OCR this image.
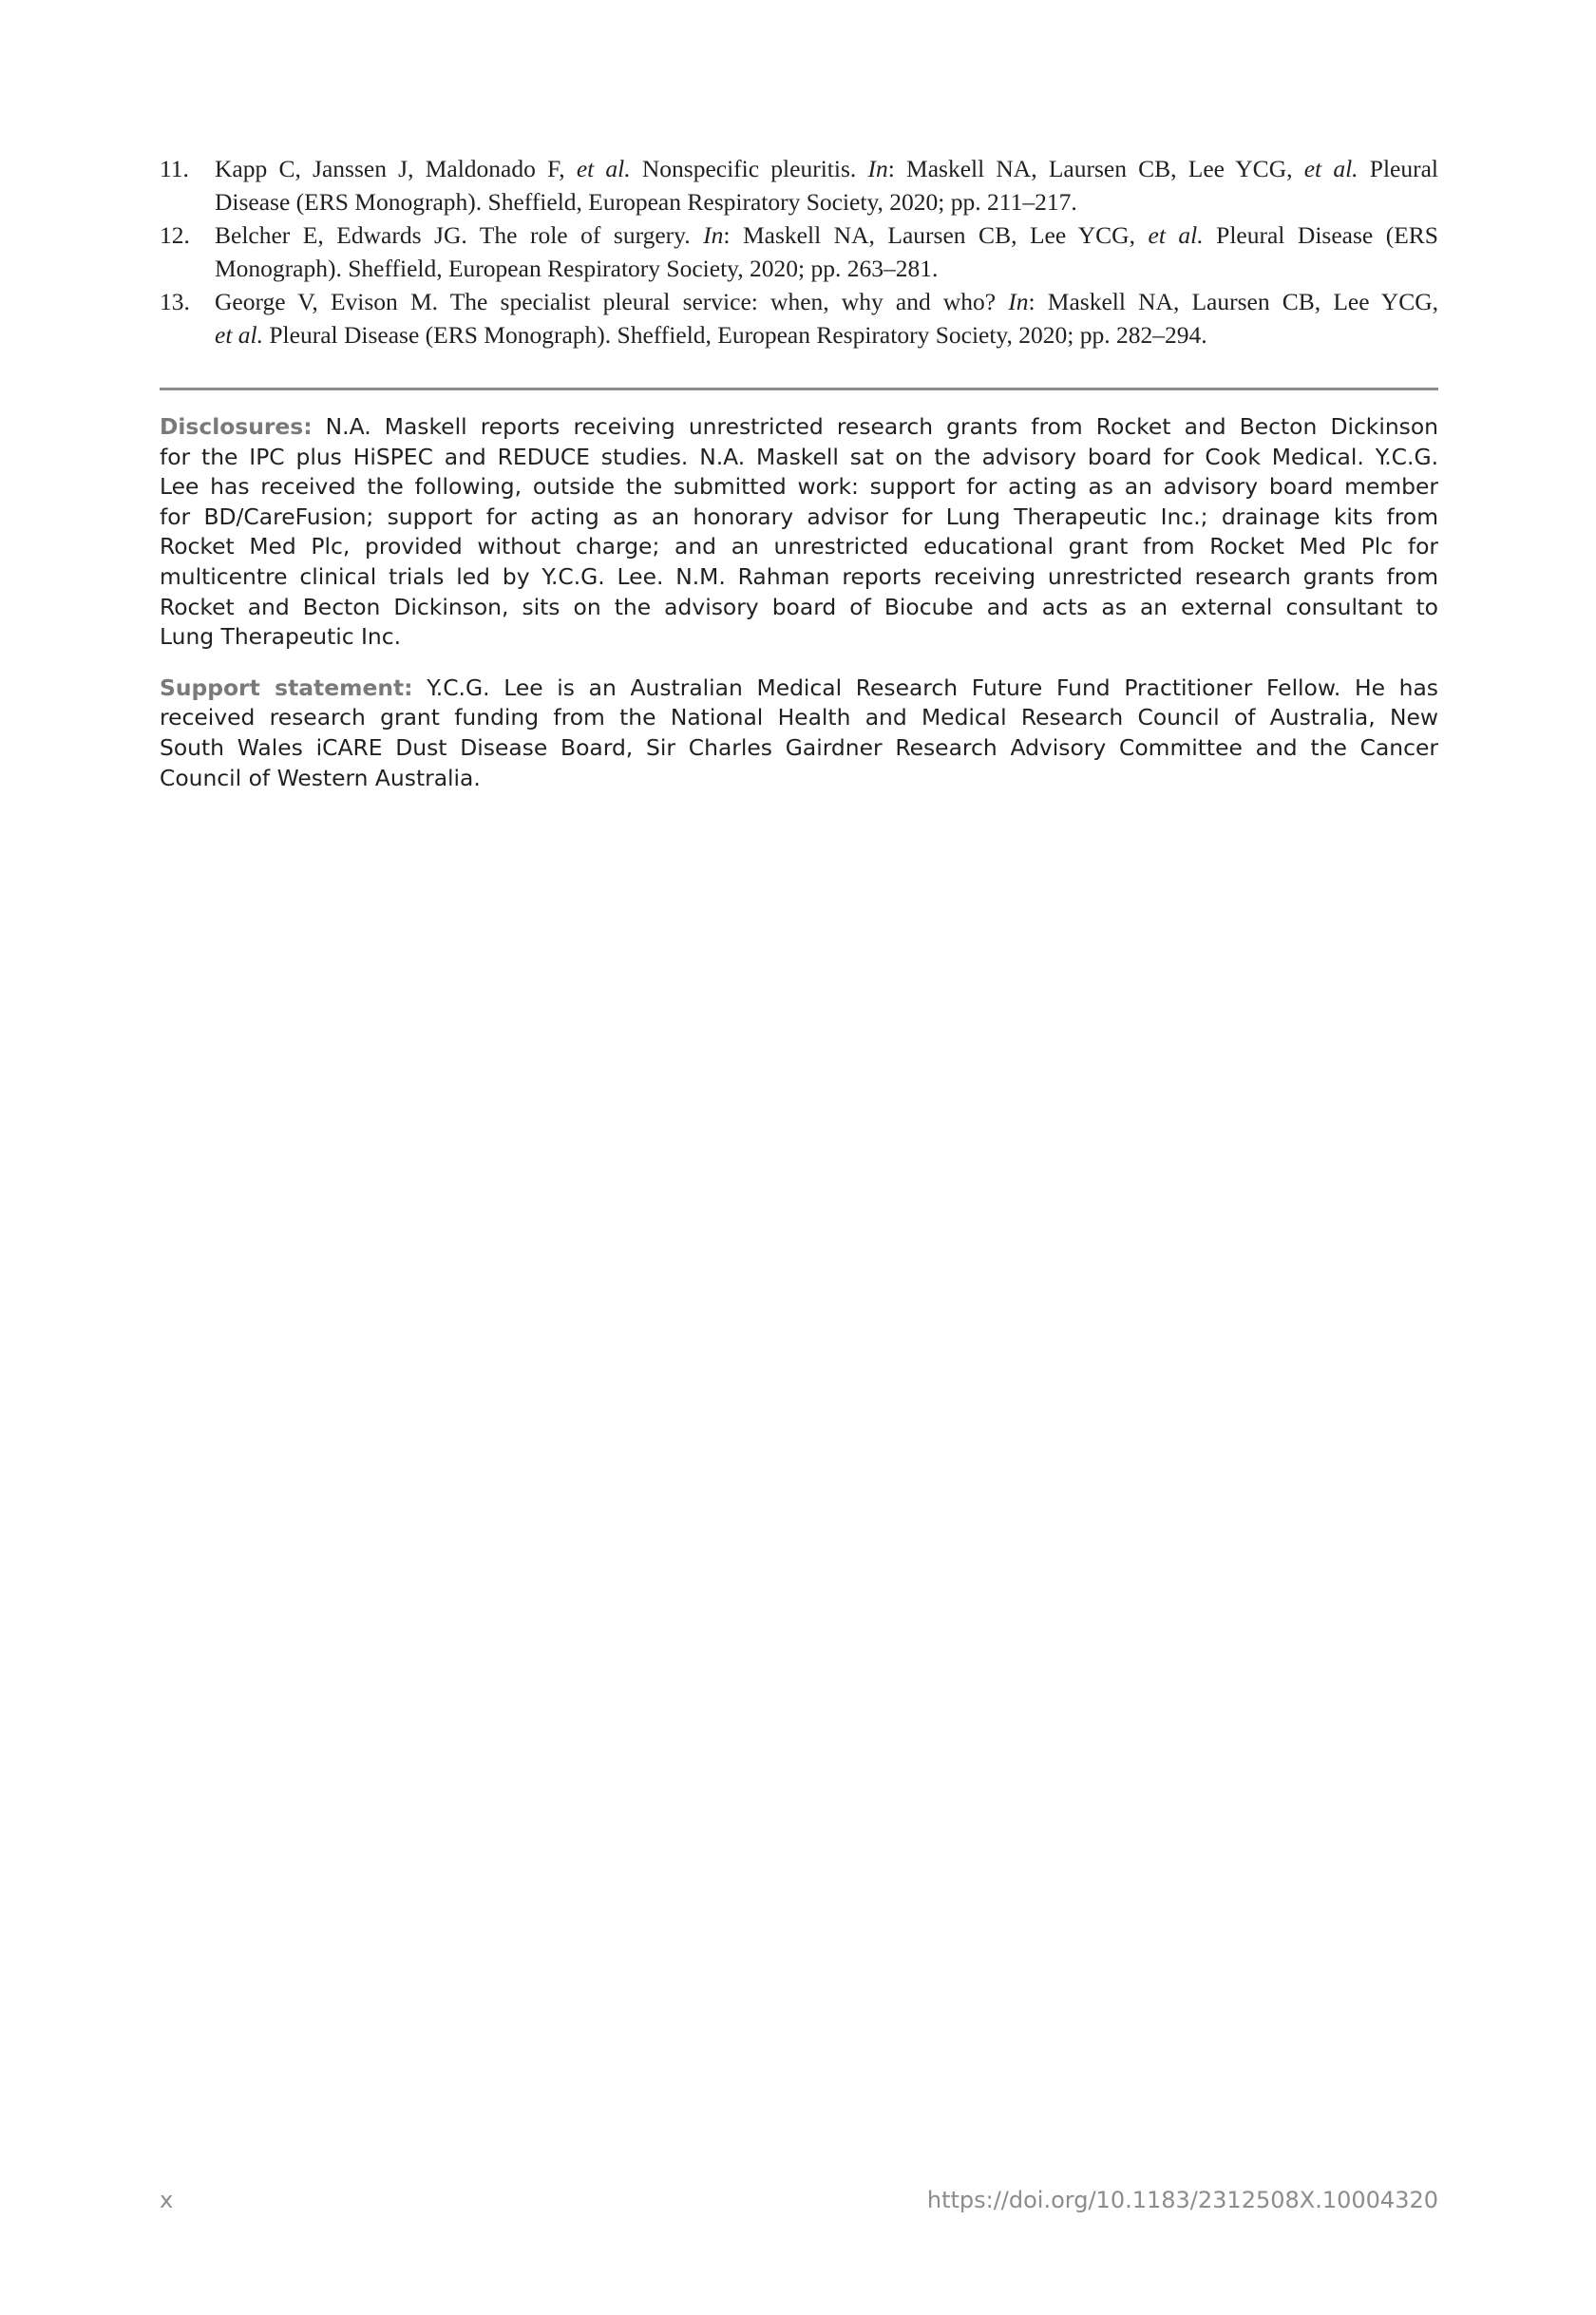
11. Kapp C, Janssen J, Maldonado F, et al. Nonspecific pleuritis. In: Maskell NA, Laursen CB, Lee YCG, et al. Pleural
Disease (ERS Monograph). Sheffield, European Respiratory Society, 2020; pp. 211–217.
12. Belcher E, Edwards JG. The role of surgery. In: Maskell NA, Laursen CB, Lee YCG, et al. Pleural Disease (ERS
Monograph). Sheffield, European Respiratory Society, 2020; pp. 263–281.
13. George V, Evison M. The specialist pleural service: when, why and who? In: Maskell NA, Laursen CB, Lee YCG,
et al. Pleural Disease (ERS Monograph). Sheffield, European Respiratory Society, 2020; pp. 282–294.
Disclosures: N.A. Maskell reports receiving unrestricted research grants from Rocket and Becton Dickinson
for the IPC plus HiSPEC and REDUCE studies. N.A. Maskell sat on the advisory board for Cook Medical. Y.C.G.
Lee has received the following, outside the submitted work: support for acting as an advisory board member
for BD/CareFusion; support for acting as an honorary advisor for Lung Therapeutic Inc.; drainage kits from
Rocket Med Plc, provided without charge; and an unrestricted educational grant from Rocket Med Plc for
multicentre clinical trials led by Y.C.G. Lee. N.M. Rahman reports receiving unrestricted research grants from
Rocket and Becton Dickinson, sits on the advisory board of Biocube and acts as an external consultant to
Lung Therapeutic Inc.
Support statement: Y.C.G. Lee is an Australian Medical Research Future Fund Practitioner Fellow. He has
received research grant funding from the National Health and Medical Research Council of Australia, New
South Wales iCARE Dust Disease Board, Sir Charles Gairdner Research Advisory Committee and the Cancer
Council of Western Australia.
x	https://doi.org/10.1183/2312508X.10004320
